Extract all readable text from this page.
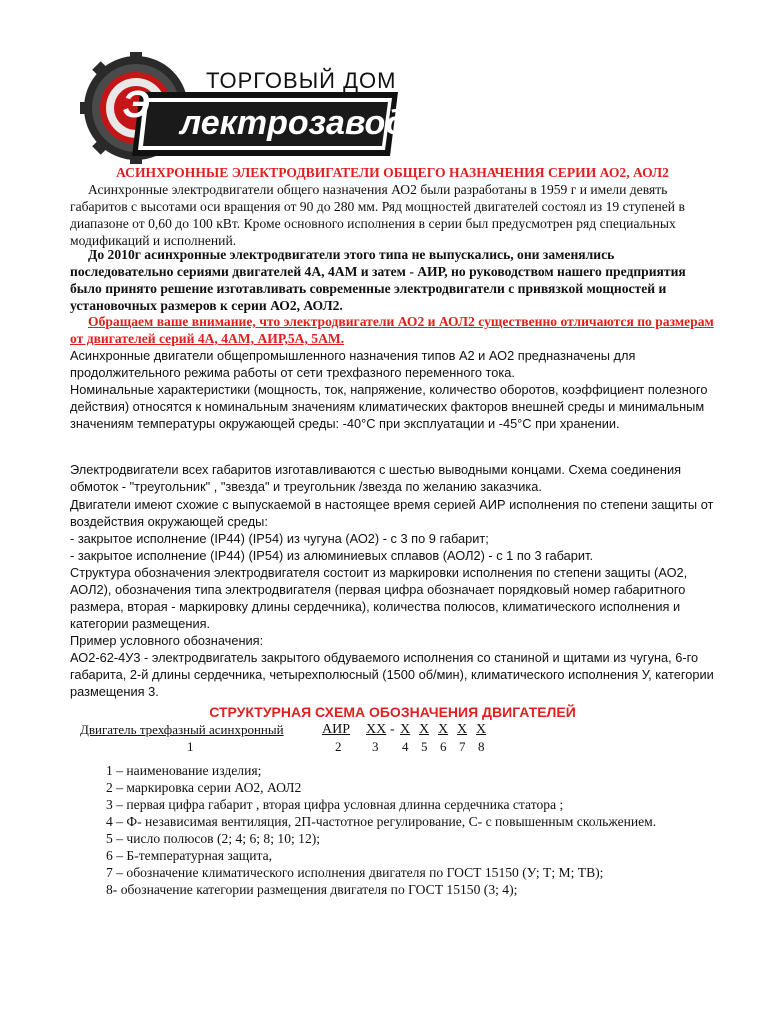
ТОРГОВЫЙ ДОМ
Э лектрозавод

АСИНХРОННЫЕ ЭЛЕКТРОДВИГАТЕЛИ ОБЩЕГО НАЗНАЧЕНИЯ СЕРИИ АО2, АОЛ2

Асинхронные электродвигатели общего назначения АО2 были разработаны в 1959 г и имели девять габаритов с высотами оси вращения от 90 до 280 мм. Ряд мощностей двигателей состоял из 19 ступеней в диапазоне от 0,60 до 100 кВт. Кроме основного исполнения в серии был предусмотрен ряд специальных модификаций и исполнений.

До 2010г асинхронные электродвигатели этого типа не выпускались, они заменялись последовательно сериями двигателей 4А, 4АМ и затем - АИР, но руководством нашего предприятия было принято решение изготавливать современные электродвигатели с привязкой мощностей и установочных размеров к серии АО2, АОЛ2.

Обращаем ваше внимание, что электродвигатели АО2 и АОЛ2 существенно отличаются по размерам от двигателей серий 4А, 4АМ, АИР,5А, 5АМ.

Асинхронные двигатели общепромышленного назначения типов А2 и АО2 предназначены для продолжительного режима работы от сети трехфазного переменного тока.

Номинальные характеристики (мощность, ток, напряжение, количество оборотов, коэффициент полезного действия) относятся к номинальным значениям климатических факторов внешней среды и минимальным значениям температуры окружающей среды: -40°С при эксплуатации и -45°С при хранении.

Электродвигатели всех габаритов изготавливаются с шестью выводными концами. Схема соединения обмоток - "треугольник" , "звезда" и треугольник /звезда по желанию заказчика.

Двигатели имеют схожие с выпускаемой в настоящее время серией АИР исполнения по степени защиты от воздействия окружающей среды:

- закрытое исполнение (IP44) (IP54) из чугуна (АО2) - с 3 по 9 габарит;

- закрытое исполнение (IP44) (IP54) из алюминиевых сплавов (АОЛ2) - с 1 по 3 габарит.

Структура обозначения электродвигателя состоит из маркировки исполнения по степени защиты (АО2, АОЛ2), обозначения типа электродвигателя (первая цифра обозначает порядковый номер габаритного размера, вторая - маркировку длины сердечника), количества полюсов, климатического исполнения и категории размещения.

Пример условного обозначения:

АО2-62-4У3 - электродвигатель закрытого обдуваемого исполнения со станиной и щитами из чугуна, 6-го габарита, 2-й длины сердечника, четырехполюсный (1500 об/мин), климатического исполнения У, категории размещения 3.

СТРУКТУРНАЯ СХЕМА ОБОЗНАЧЕНИЯ ДВИГАТЕЛЕЙ

Двигатель трехфазный асинхронный	АИР ХХ - Х Х Х Х Х
1	2 3 4 5 6 7 8
1 – наименование изделия;
2 – маркировка серии АО2, АОЛ2
3 – первая цифра габарит , вторая цифра условная длинна сердечника статора ;
4 – Ф- независимая вентиляция, 2П-частотное регулирование, С- с повышенным скольжением.
5 – число полюсов (2; 4; 6; 8; 10; 12);
6 – Б-температурная защита,
7 – обозначение климатического исполнения двигателя по ГОСТ 15150 (У; Т; М; ТВ);
8- обозначение категории размещения двигателя по ГОСТ 15150 (3; 4);
